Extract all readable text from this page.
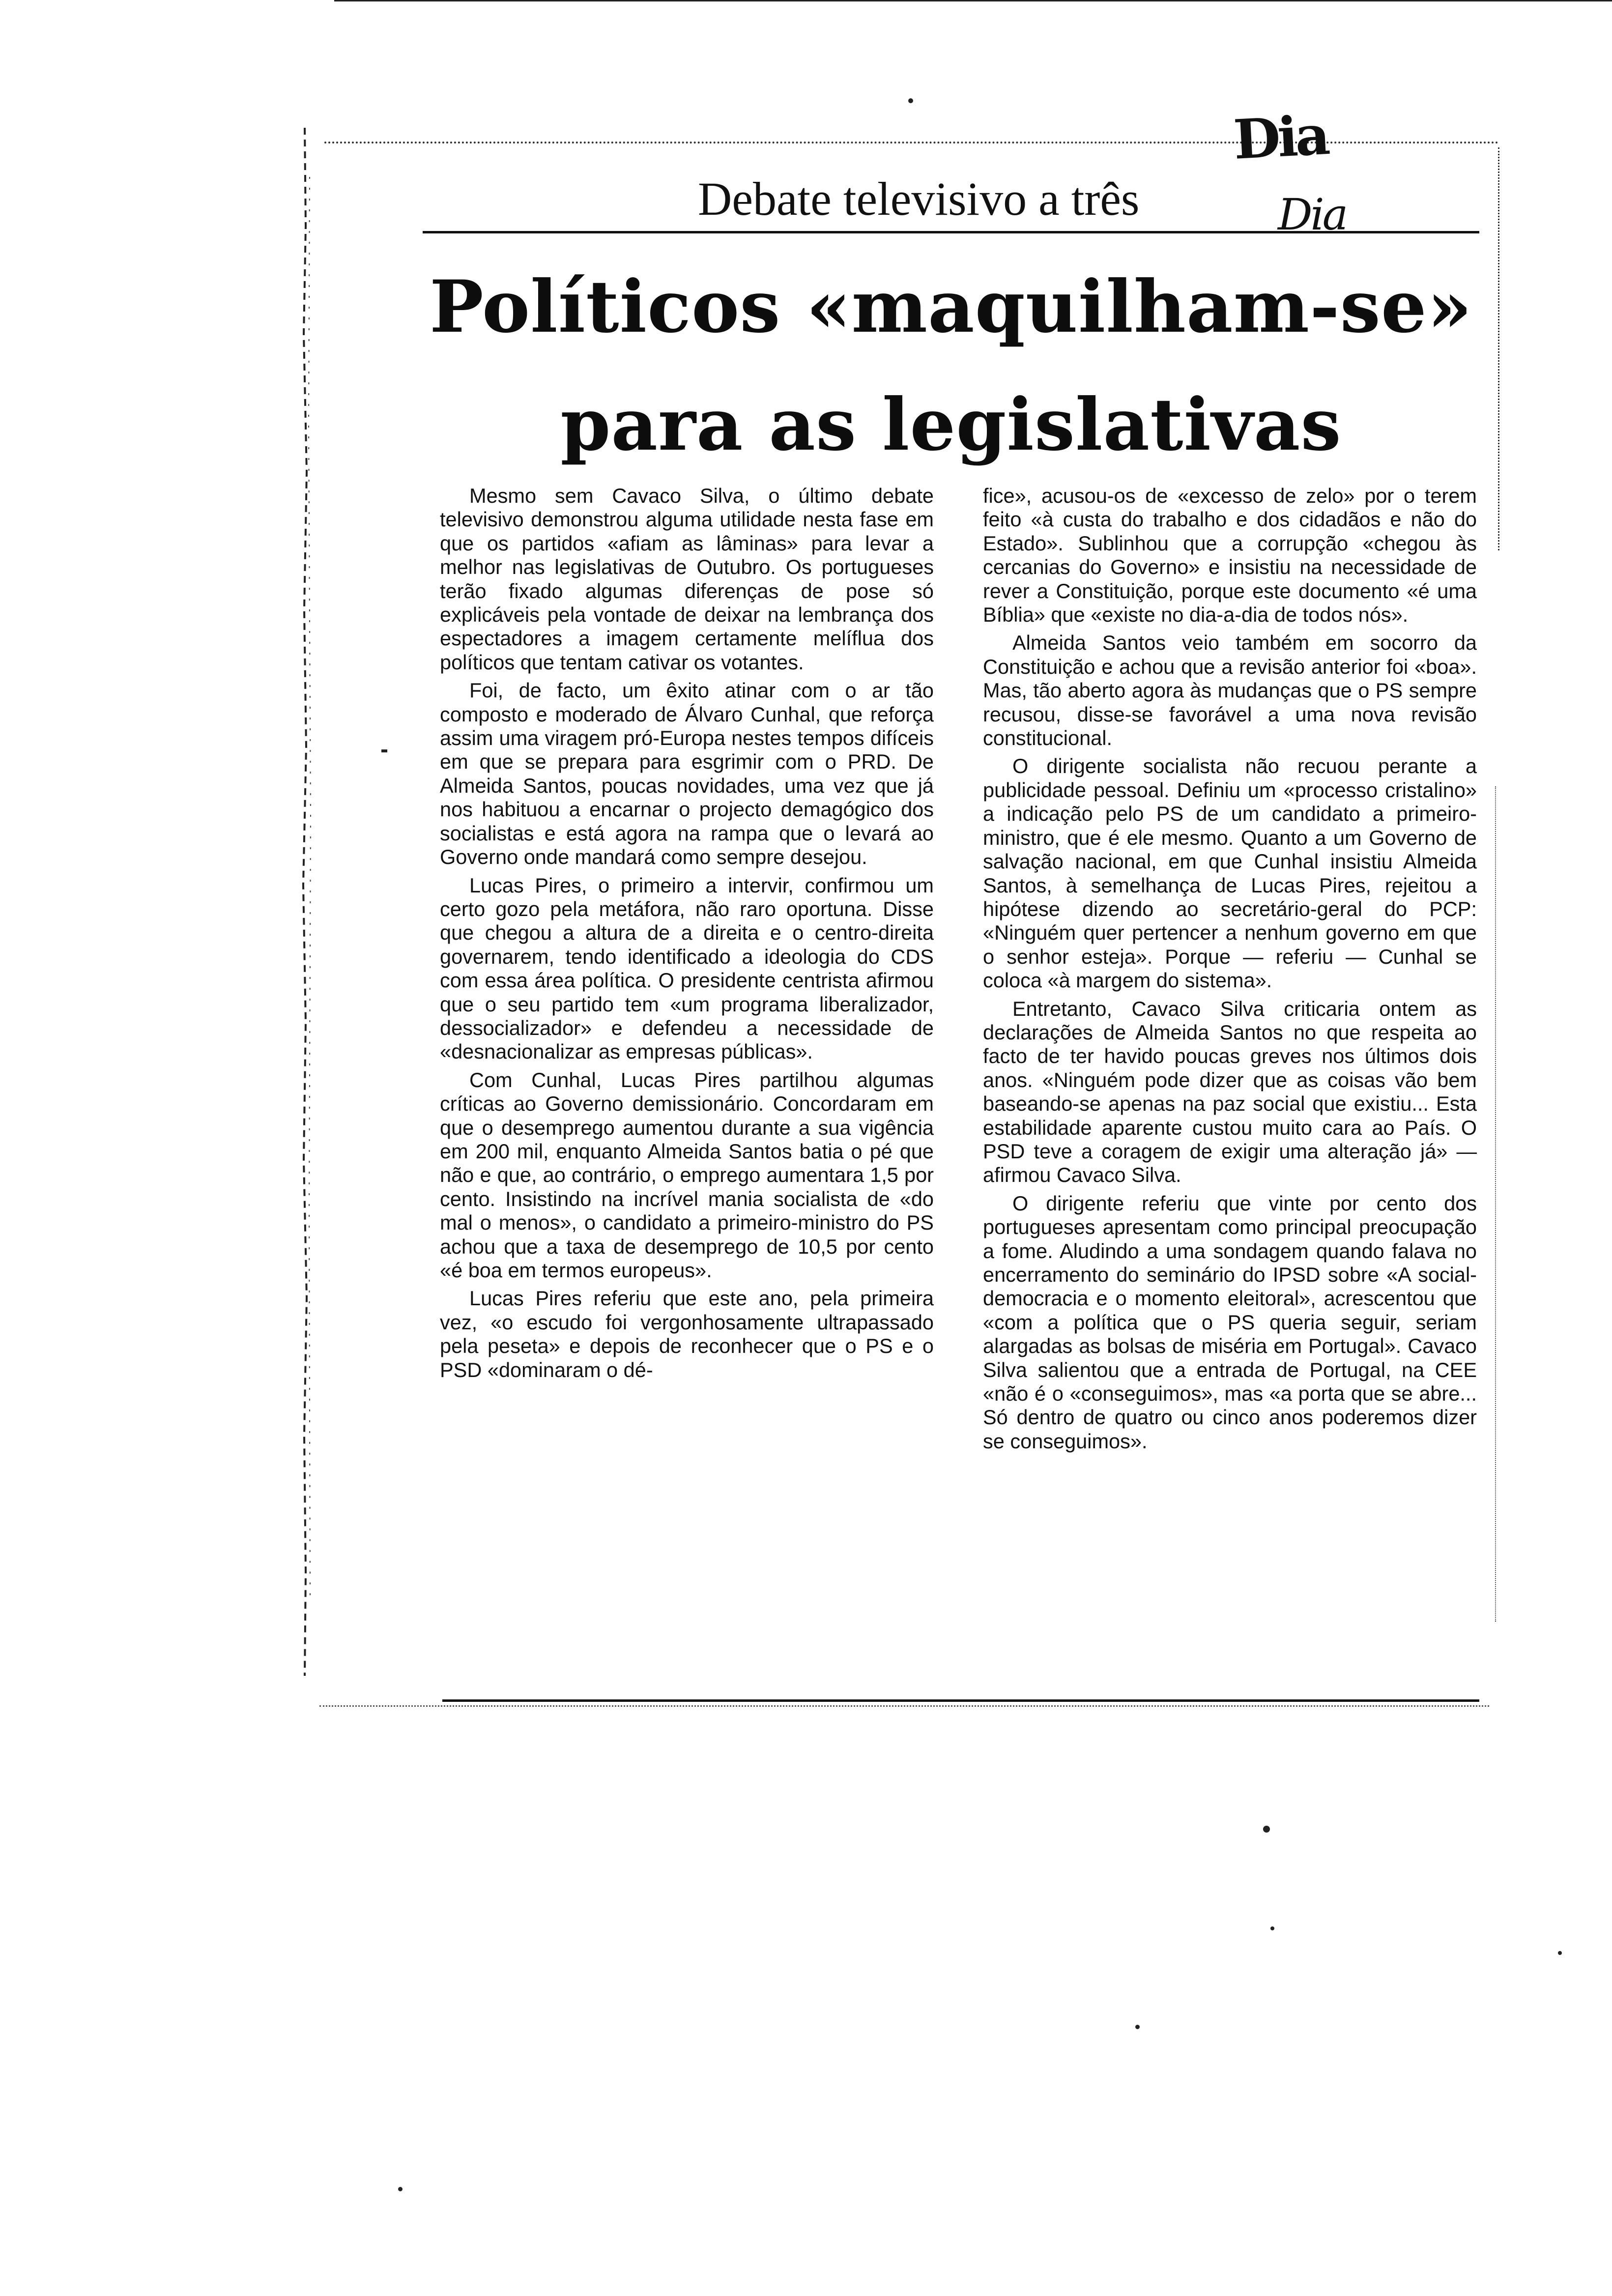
Dia
Dia
Debate televisivo a três
Políticos «maquilham-se»
para as legislativas

Mesmo sem Cavaco Silva, o último debate televisivo demonstrou alguma utilidade nesta fase em que os partidos «afiam as lâminas» para levar a melhor nas legislativas de Outubro. Os portugueses terão fixado algumas diferenças de pose só explicáveis pela vontade de deixar na lembrança dos espectadores a imagem certamente melíflua dos políticos que tentam cativar os votantes.

Foi, de facto, um êxito atinar com o ar tão composto e moderado de Álvaro Cunhal, que reforça assim uma viragem pró-Europa nestes tempos difíceis em que se prepara para esgrimir com o PRD. De Almeida Santos, poucas novidades, uma vez que já nos habituou a encarnar o projecto demagógico dos socialistas e está agora na rampa que o levará ao Governo onde mandará como sempre desejou.

Lucas Pires, o primeiro a intervir, confirmou um certo gozo pela metáfora, não raro oportuna. Disse que chegou a altura de a direita e o centro-direita governarem, tendo identificado a ideologia do CDS com essa área política. O presidente centrista afirmou que o seu partido tem «um programa liberalizador, dessocializador» e defendeu a necessidade de «desnacionalizar as empresas públicas».

Com Cunhal, Lucas Pires partilhou algumas críticas ao Governo demissionário. Concordaram em que o desemprego aumentou durante a sua vigência em 200 mil, enquanto Almeida Santos batia o pé que não e que, ao contrário, o emprego aumentara 1,5 por cento. Insistindo na incrível mania socialista de «do mal o menos», o candidato a primeiro-ministro do PS achou que a taxa de desemprego de 10,5 por cento «é boa em termos europeus».

Lucas Pires referiu que este ano, pela primeira vez, «o escudo foi vergonhosamente ultrapassado pela peseta» e depois de reconhecer que o PS e o PSD «dominaram o dé-

fice», acusou-os de «excesso de zelo» por o terem feito «à custa do trabalho e dos cidadãos e não do Estado». Sublinhou que a corrupção «chegou às cercanias do Governo» e insistiu na necessidade de rever a Constituição, porque este documento «é uma Bíblia» que «existe no dia-a-dia de todos nós».

Almeida Santos veio também em socorro da Constituição e achou que a revisão anterior foi «boa». Mas, tão aberto agora às mudanças que o PS sempre recusou, disse-se favorável a uma nova revisão constitucional.

O dirigente socialista não recuou perante a publicidade pessoal. Definiu um «processo cristalino» a indicação pelo PS de um candidato a primeiro-ministro, que é ele mesmo. Quanto a um Governo de salvação nacional, em que Cunhal insistiu Almeida Santos, à semelhança de Lucas Pires, rejeitou a hipótese dizendo ao secretário-geral do PCP: «Ninguém quer pertencer a nenhum governo em que o senhor esteja». Porque — referiu — Cunhal se coloca «à margem do sistema».

Entretanto, Cavaco Silva criticaria ontem as declarações de Almeida Santos no que respeita ao facto de ter havido poucas greves nos últimos dois anos. «Ninguém pode dizer que as coisas vão bem baseando-se apenas na paz social que existiu... Esta estabilidade aparente custou muito cara ao País. O PSD teve a coragem de exigir uma alteração já» — afirmou Cavaco Silva.

O dirigente referiu que vinte por cento dos portugueses apresentam como principal preocupação a fome. Aludindo a uma sondagem quando falava no encerramento do seminário do IPSD sobre «A social-democracia e o momento eleitoral», acrescentou que «com a política que o PS queria seguir, seriam alargadas as bolsas de miséria em Portugal». Cavaco Silva salientou que a entrada de Portugal, na CEE «não é o «conseguimos», mas «a porta que se abre... Só dentro de quatro ou cinco anos poderemos dizer se conseguimos».
